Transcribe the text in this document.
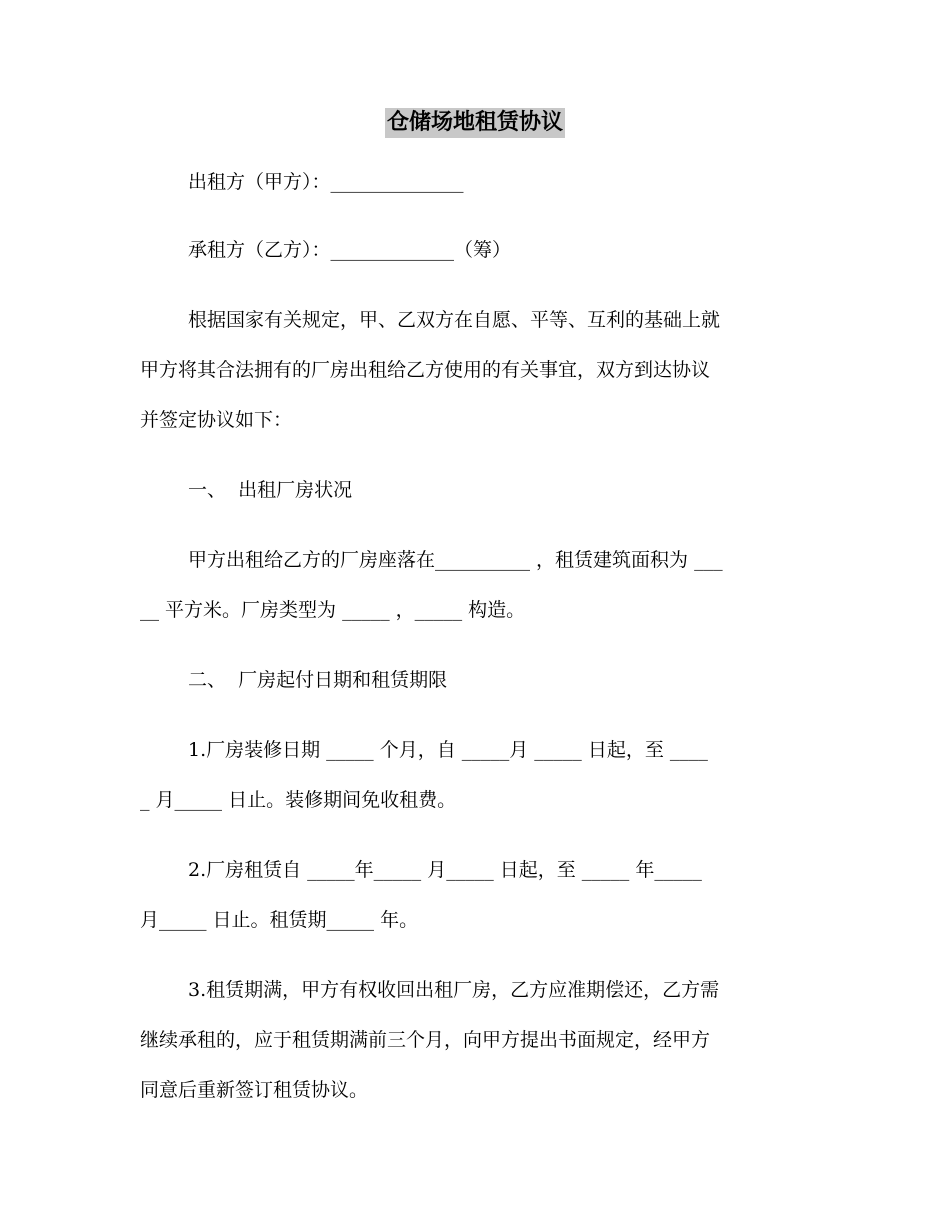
仓储场地租赁协议
出租方（甲方）：______________
承租方（乙方）：_____________（筹）
根据国家有关规定，甲、乙双方在自愿、平等、互利的基础上就
甲方将其合法拥有的厂房出租给乙方使用的有关事宜，双方到达协议
并签定协议如下：
一、  出租厂房状况
甲方出租给乙方的厂房座落在__________ ，租赁建筑面积为 ___
__ 平方米。厂房类型为 _____ ，_____ 构造。
二、  厂房起付日期和租赁期限
1.厂房装修日期 _____ 个月，自 _____月 _____ 日起，至 ____
_ 月_____ 日止。装修期间免收租费。
2.厂房租赁自 _____年_____ 月_____ 日起，至 _____ 年_____
月_____ 日止。租赁期_____ 年。
3.租赁期满，甲方有权收回出租厂房，乙方应准期偿还，乙方需
继续承租的，应于租赁期满前三个月，向甲方提出书面规定，经甲方
同意后重新签订租赁协议。
